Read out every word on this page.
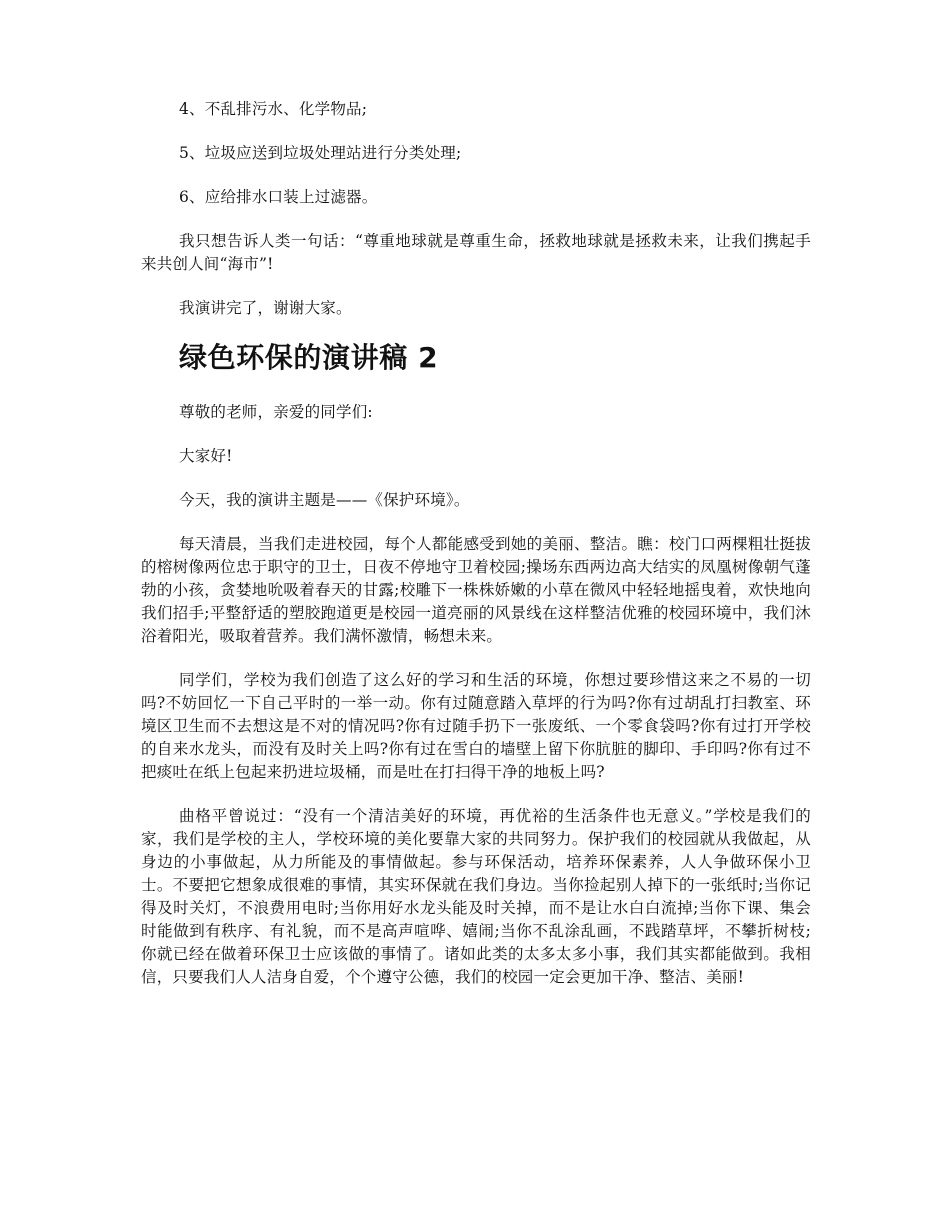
4、不乱排污水、化学物品;

5、垃圾应送到垃圾处理站进行分类处理;

6、应给排水口装上过滤器。

我只想告诉人类一句话：“尊重地球就是尊重生命，拯救地球就是拯救未来，让我们携起手来共创人间“海市”!

我演讲完了，谢谢大家。

绿色环保的演讲稿 2

尊敬的老师，亲爱的同学们:

大家好!

今天，我的演讲主题是——《保护环境》。

每天清晨，当我们走进校园，每个人都能感受到她的美丽、整洁。瞧：校门口两棵粗壮挺拔的榕树像两位忠于职守的卫士，日夜不停地守卫着校园;操场东西两边高大结实的凤凰树像朝气蓬勃的小孩，贪婪地吮吸着春天的甘露;校雕下一株株娇嫩的小草在微风中轻轻地摇曳着，欢快地向我们招手;平整舒适的塑胶跑道更是校园一道亮丽的风景线在这样整洁优雅的校园环境中，我们沐浴着阳光，吸取着营养。我们满怀激情，畅想未来。

同学们，学校为我们创造了这么好的学习和生活的环境，你想过要珍惜这来之不易的一切吗?不妨回忆一下自己平时的一举一动。你有过随意踏入草坪的行为吗?你有过胡乱打扫教室、环境区卫生而不去想这是不对的情况吗?你有过随手扔下一张废纸、一个零食袋吗?你有过打开学校的自来水龙头，而没有及时关上吗?你有过在雪白的墙壁上留下你肮脏的脚印、手印吗?你有过不把痰吐在纸上包起来扔进垃圾桶，而是吐在打扫得干净的地板上吗?

曲格平曾说过：“没有一个清洁美好的环境，再优裕的生活条件也无意义。”学校是我们的家，我们是学校的主人，学校环境的美化要靠大家的共同努力。保护我们的校园就从我做起，从身边的小事做起，从力所能及的事情做起。参与环保活动，培养环保素养，人人争做环保小卫士。不要把它想象成很难的事情，其实环保就在我们身边。当你捡起别人掉下的一张纸时;当你记得及时关灯，不浪费用电时;当你用好水龙头能及时关掉，而不是让水白白流掉;当你下课、集会时能做到有秩序、有礼貌，而不是高声喧哗、嬉闹;当你不乱涂乱画，不践踏草坪，不攀折树枝;你就已经在做着环保卫士应该做的事情了。诸如此类的太多太多小事，我们其实都能做到。我相信，只要我们人人洁身自爱，个个遵守公德，我们的校园一定会更加干净、整洁、美丽!
